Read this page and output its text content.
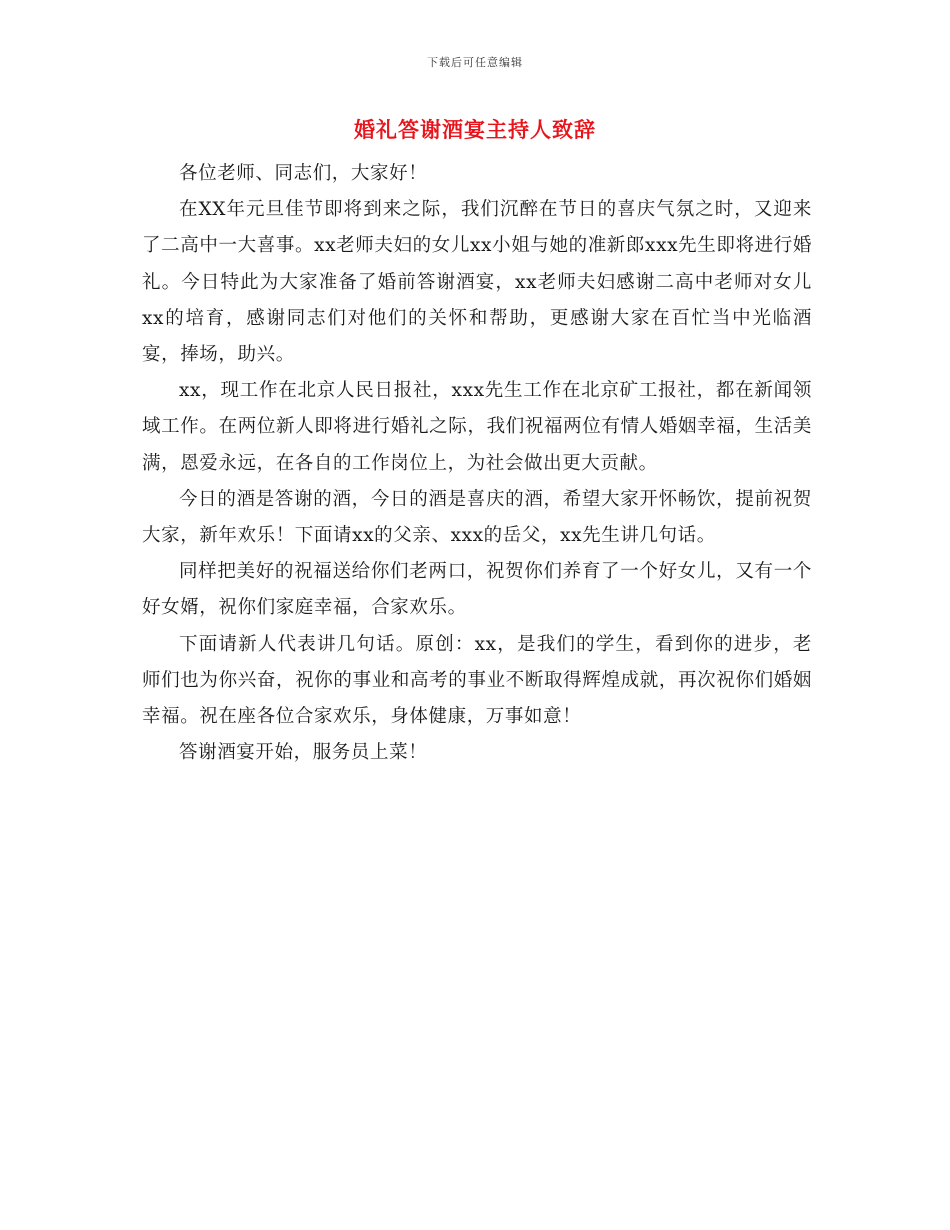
下载后可任意编辑
婚礼答谢酒宴主持人致辞

各位老师、同志们，大家好！

在XX年元旦佳节即将到来之际，我们沉醉在节日的喜庆气氛之时，又迎来了二高中一大喜事。xx老师夫妇的女儿xx小姐与她的准新郎xxx先生即将进行婚礼。今日特此为大家准备了婚前答谢酒宴，xx老师夫妇感谢二高中老师对女儿xx的培育，感谢同志们对他们的关怀和帮助，更感谢大家在百忙当中光临酒宴，捧场，助兴。

xx，现工作在北京人民日报社，xxx先生工作在北京矿工报社，都在新闻领域工作。在两位新人即将进行婚礼之际，我们祝福两位有情人婚姻幸福，生活美满，恩爱永远，在各自的工作岗位上，为社会做出更大贡献。

今日的酒是答谢的酒，今日的酒是喜庆的酒，希望大家开怀畅饮，提前祝贺大家，新年欢乐！下面请xx的父亲、xxx的岳父，xx先生讲几句话。

同样把美好的祝福送给你们老两口，祝贺你们养育了一个好女儿，又有一个好女婿，祝你们家庭幸福，合家欢乐。

下面请新人代表讲几句话。原创：xx，是我们的学生，看到你的进步，老师们也为你兴奋，祝你的事业和高考的事业不断取得辉煌成就，再次祝你们婚姻幸福。祝在座各位合家欢乐，身体健康，万事如意！

答谢酒宴开始，服务员上菜！
